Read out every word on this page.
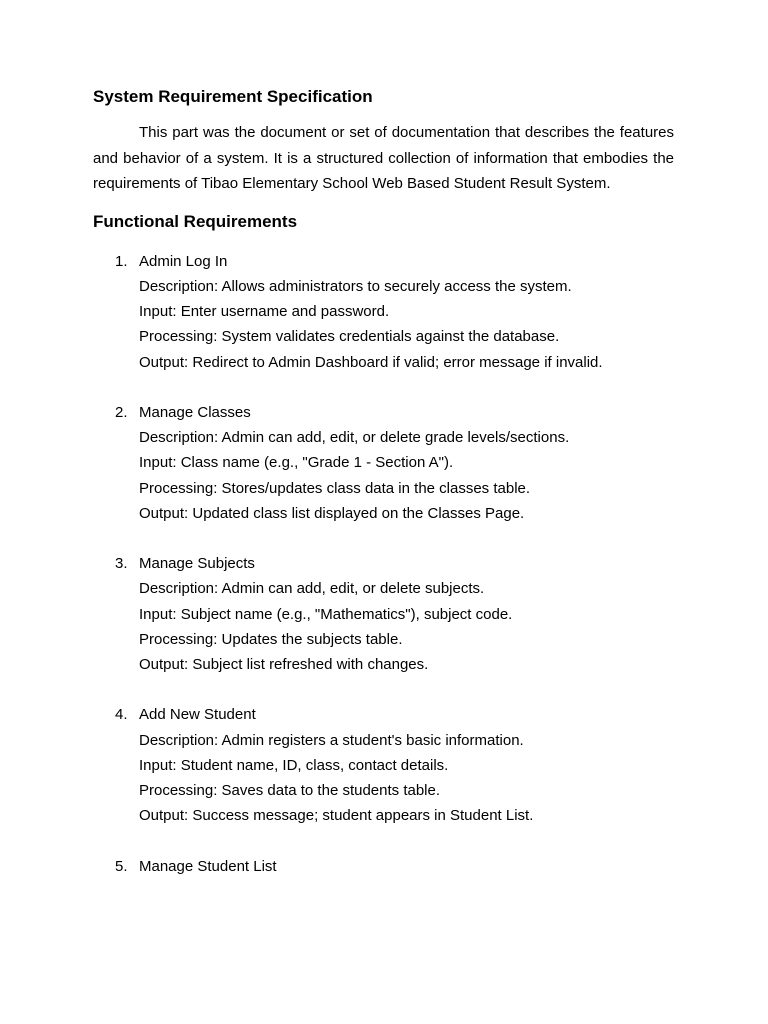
System Requirement Specification

This part was the document or set of documentation that describes the features and behavior of a system. It is a structured collection of information that embodies the requirements of Tibao Elementary School Web Based Student Result System.

Functional Requirements
1. Admin Log In
Description: Allows administrators to securely access the system.
Input: Enter username and password.
Processing: System validates credentials against the database.
Output: Redirect to Admin Dashboard if valid; error message if invalid.
2. Manage Classes
Description: Admin can add, edit, or delete grade levels/sections.
Input: Class name (e.g., "Grade 1 - Section A").
Processing: Stores/updates class data in the classes table.
Output: Updated class list displayed on the Classes Page.
3. Manage Subjects
Description: Admin can add, edit, or delete subjects.
Input: Subject name (e.g., "Mathematics"), subject code.
Processing: Updates the subjects table.
Output: Subject list refreshed with changes.
4. Add New Student
Description: Admin registers a student's basic information.
Input: Student name, ID, class, contact details.
Processing: Saves data to the students table.
Output: Success message; student appears in Student List.
5. Manage Student List
